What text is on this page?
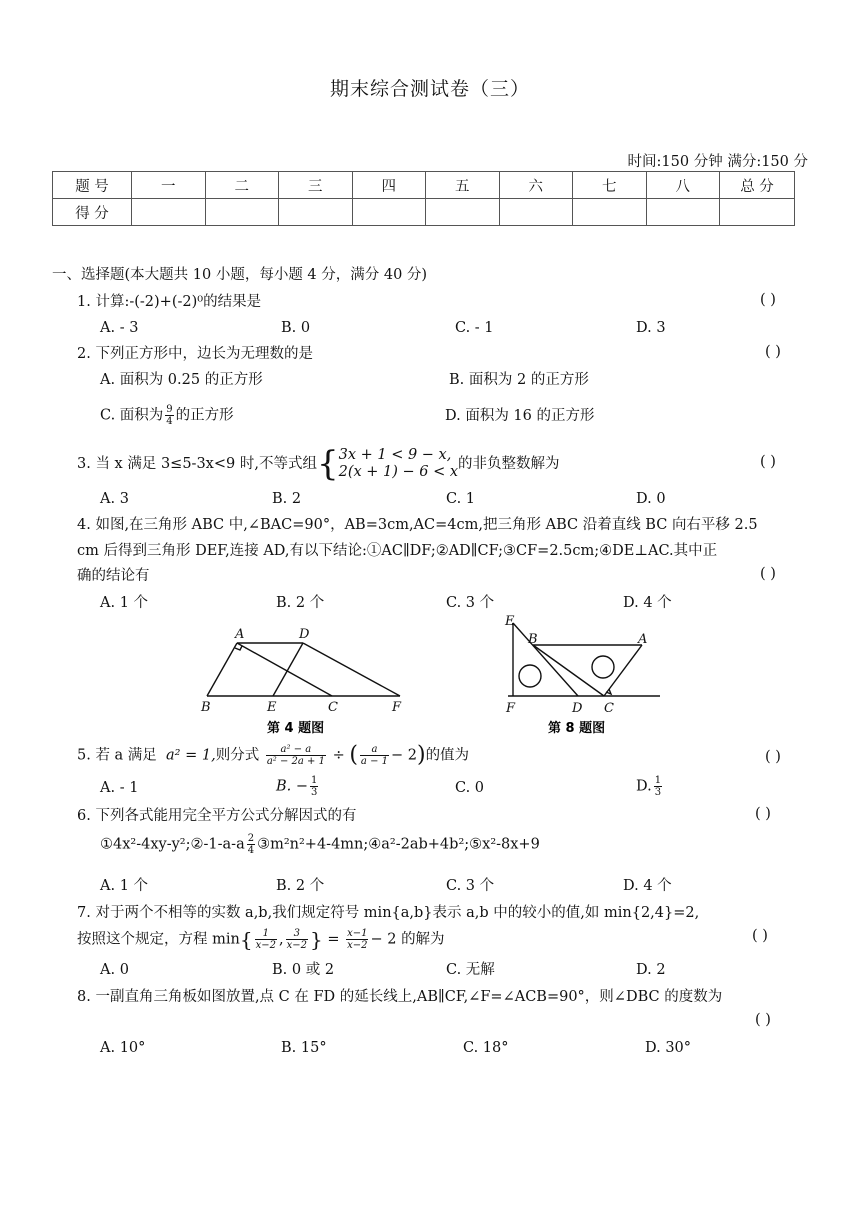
期末综合测试卷（三）
时间:150 分钟 满分:150 分
题 号	一	二	三	四	五	六	七	八	总 分
得 分									
一、选择题(本大题共 10 小题，每小题 4 分，满分 40 分)
1. 计算:-(-2)+(-2)⁰的结果是	( )
A. - 3	B. 0	C. - 1	D. 3
2. 下列正方形中，边长为无理数的是	( )
A. 面积为 0.25 的正方形	B. 面积为 2 的正方形
C. 面积为 $\frac{9}{4}$ 的正方形	D. 面积为 16 的正方形
3. 当 x 满足 3≤5-3x<9 时,不等式组{ 3x + 1 < 9 − x,
2(x + 1) − 6 < x 的非负整数解为	( )
A. 3	B. 2	C. 1	D. 0
4. 如图,在三角形 ABC 中,∠BAC=90°，AB=3cm,AC=4cm,把三角形 ABC 沿着直线 BC 向右平移 2.5
cm 后得到三角形 DEF,连接 AD,有以下结论:①AC∥DF;②AD∥CF;③CF=2.5cm;④DE⊥AC.其中正
确的结论有	( )
A. 1 个	B. 2 个	C. 3 个	D. 4 个
A	D
B	E	C	F
第 4 题图
E
B	A
F	D C
第 8 题图
5. 若 a 满足 a² = 1,则分式 $\frac{\text{a² − a}}{\text{a² − 2a + 1}}$ ÷ ( $\frac{a}{a - 1} - 2$)的值为	( )
A. - 1	B. − $\frac{1}{3}$	C. 0	D. $\frac{1}{3}$
6. 下列各式能用完全平方公式分解因式的有	( )
①4x²-4xy-y²;②-1-a-a $\frac{2}{4}$ ③m²n²+4-4mn;④a²-2ab+4b²;⑤x²-8x+9
A. 1 个	B. 2 个	C. 3 个	D. 4 个
7. 对于两个不相等的实数 a,b,我们规定符号 min{a,b}表示 a,b 中的较小的值,如 min{2,4}=2,
按照这个规定，方程 $\min\{ \frac{1}{x-2}$ , $\frac{3}{x-2}$ } = $\frac{x-1}{x-2} - 2$ 的解为	( )
A. 0	B. 0 或 2	C. 无解	D. 2
8. 一副直角三角板如图放置,点 C 在 FD 的延长线上,AB∥CF,∠F=∠ACB=90°，则∠DBC 的度数为
( )
A. 10°	B. 15°	C. 18°	D. 30°
